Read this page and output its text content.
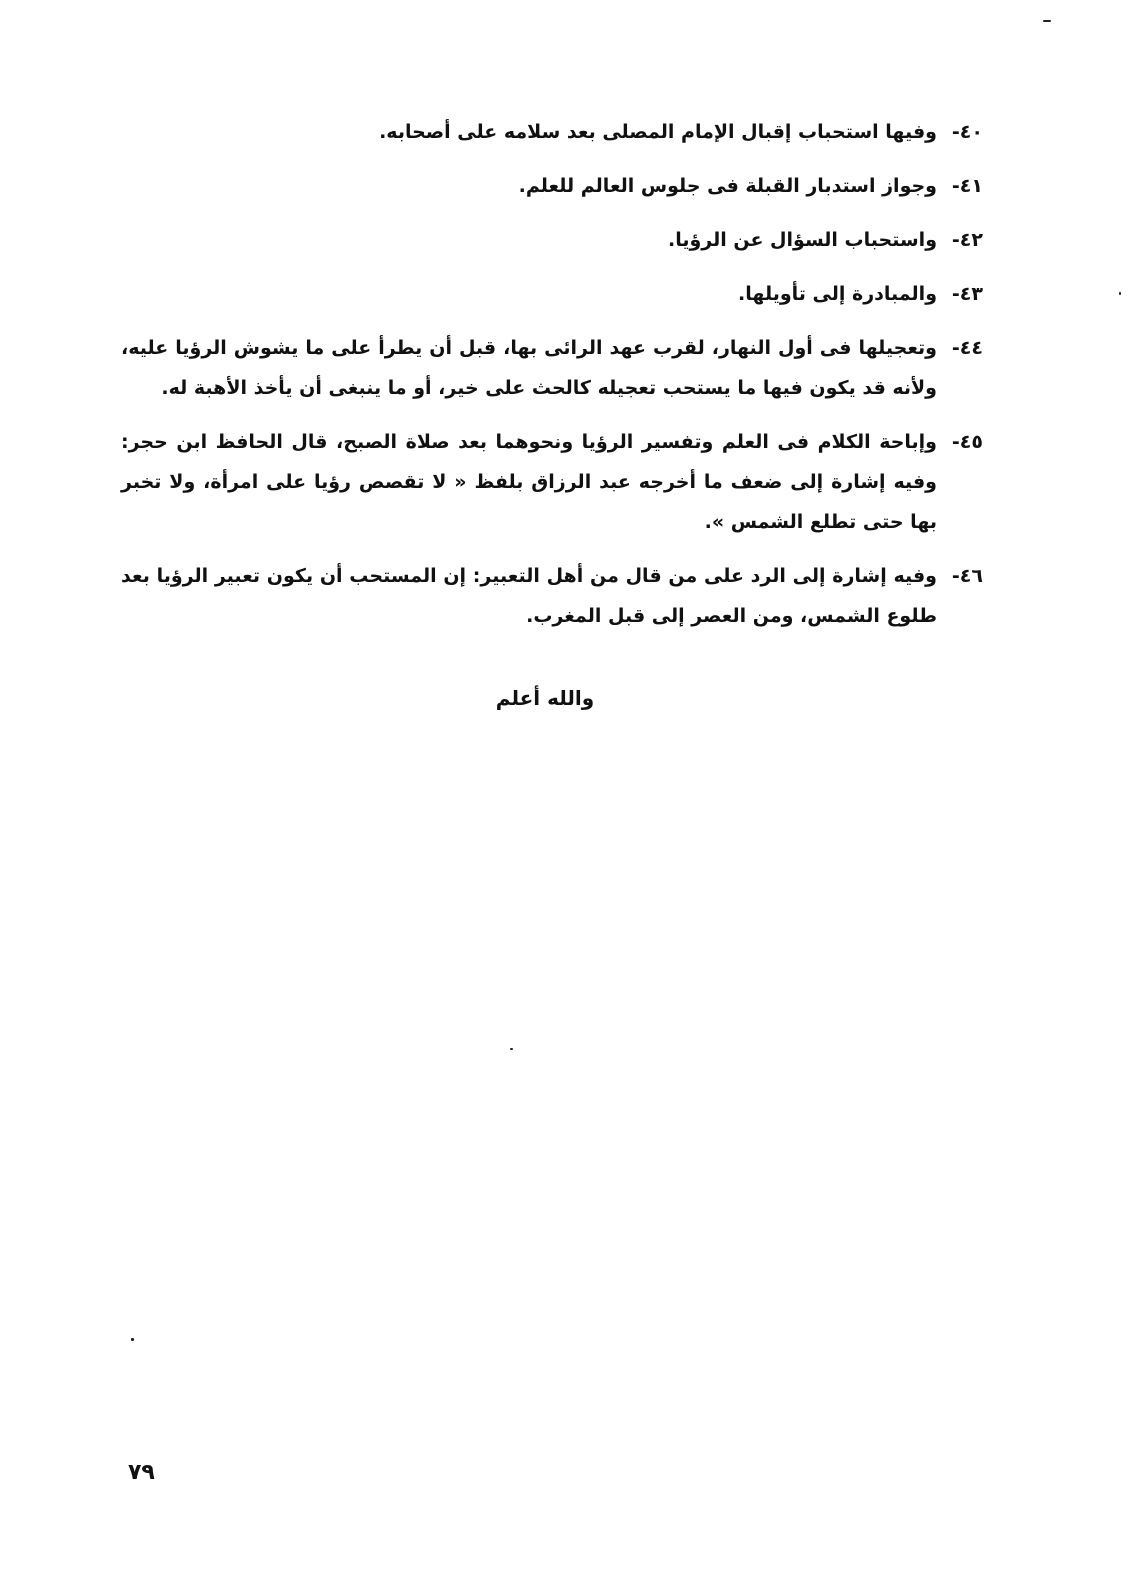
٤٠-
وفيها استحباب إقبال الإمام المصلى بعد سلامه على أصحابه.
٤١-
وجواز استدبار القبلة فى جلوس العالم للعلم.
٤٢-
واستحباب السؤال عن الرؤيا.
٤٣-
والمبادرة إلى تأويلها.
٤٤-
وتعجيلها فى أول النهار، لقرب عهد الرائى بها، قبل أن يطرأ على ما يشوش الرؤيا عليه، ولأنه قد يكون فيها ما يستحب تعجيله كالحث على خير، أو ما ينبغى أن يأخذ الأهبة له.
٤٥-
وإباحة الكلام فى العلم وتفسير الرؤيا ونحوهما بعد صلاة الصبح، قال الحافظ ابن حجر: وفيه إشارة إلى ضعف ما أخرجه عبد الرزاق بلفظ « لا تقصص رؤيا على امرأة، ولا تخبر بها حتى تطلع الشمس ».
٤٦-
وفيه إشارة إلى الرد على من قال من أهل التعبير: إن المستحب أن يكون تعبير الرؤيا بعد طلوع الشمس، ومن العصر إلى قبل المغرب.
والله أعلم
٧٩
